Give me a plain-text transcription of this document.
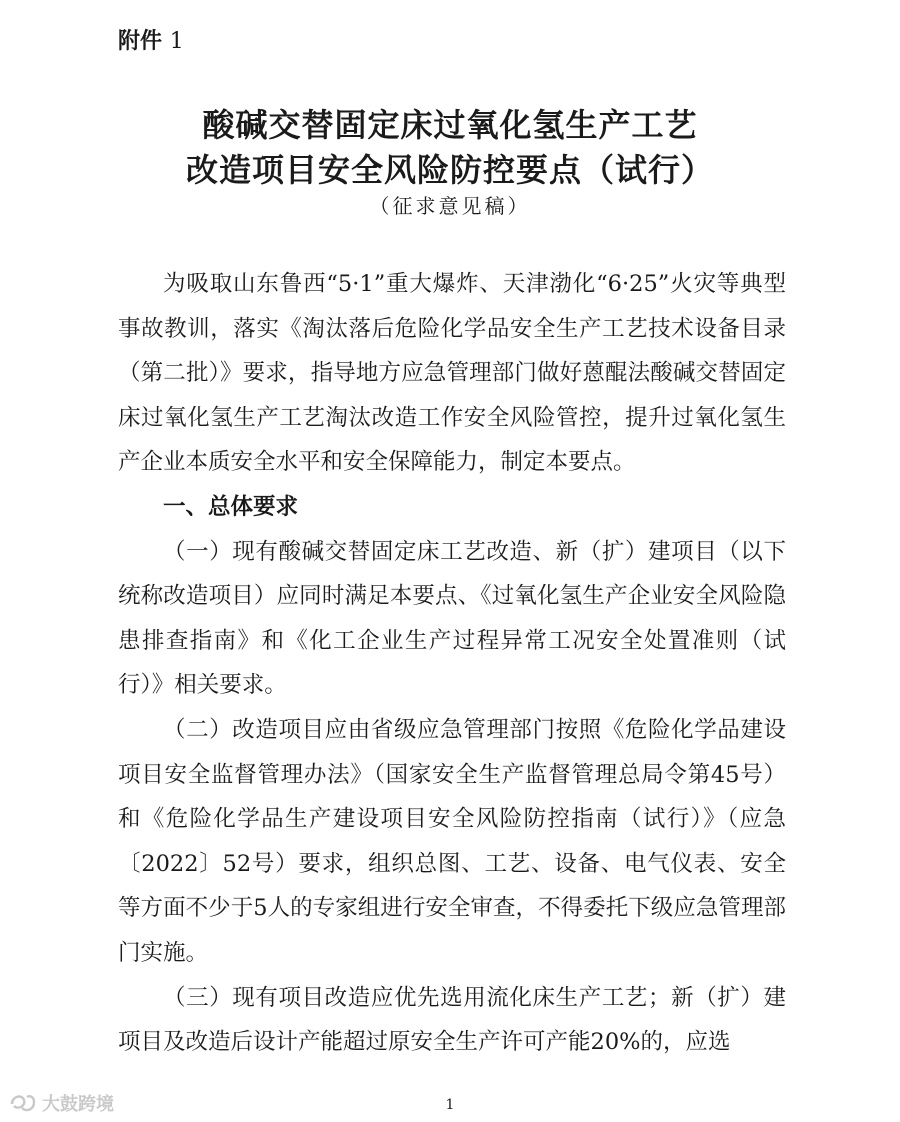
附件 1
酸碱交替固定床过氧化氢生产工艺
改造项目安全风险防控要点（试行）
（征求意见稿）

为吸取山东鲁西“5·1”重大爆炸、天津渤化“6·25”火灾等典型事故教训，落实《淘汰落后危险化学品安全生产工艺技术设备目录（第二批）》要求，指导地方应急管理部门做好蒽醌法酸碱交替固定床过氧化氢生产工艺淘汰改造工作安全风险管控，提升过氧化氢生产企业本质安全水平和安全保障能力，制定本要点。

一、总体要求

（一）现有酸碱交替固定床工艺改造、新（扩）建项目（以下统称改造项目）应同时满足本要点、《过氧化氢生产企业安全风险隐患排查指南》和《化工企业生产过程异常工况安全处置准则（试行）》相关要求。

（二）改造项目应由省级应急管理部门按照《危险化学品建设项目安全监督管理办法》（国家安全生产监督管理总局令第45号）和《危险化学品生产建设项目安全风险防控指南（试行）》（应急〔2022〕52号）要求，组织总图、工艺、设备、电气仪表、安全等方面不少于5人的专家组进行安全审查，不得委托下级应急管理部门实施。

（三）现有项目改造应优先选用流化床生产工艺；新（扩）建项目及改造后设计产能超过原安全生产许可产能20%的，应选

1
大鼓跨境
